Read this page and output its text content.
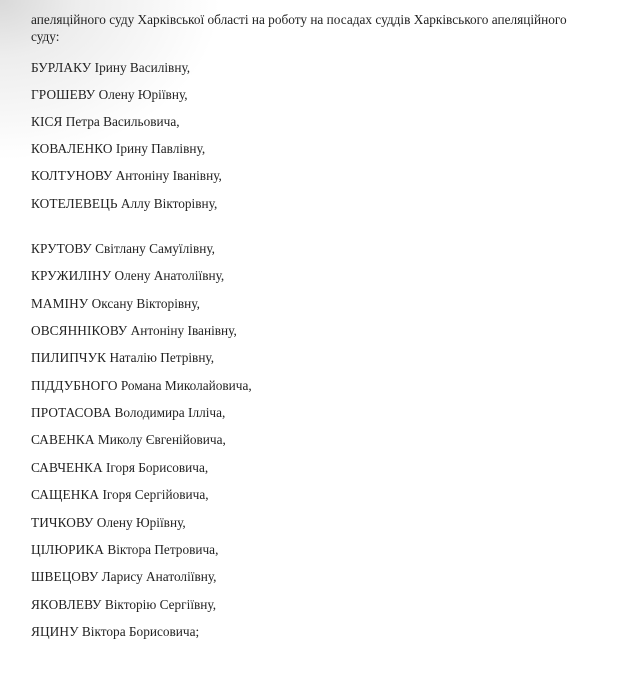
апеляційного суду Харківської області на роботу на посадах суддів Харківського апеляційного суду:
БУРЛАКУ Ірину Василівну,
ГРОШЕВУ Олену Юріївну,
КІСЯ Петра Васильовича,
КОВАЛЕНКО Ірину Павлівну,
КОЛТУНОВУ Антоніну Іванівну,
КОТЕЛЕВЕЦЬ Аллу Вікторівну,
КРУТОВУ Світлану Самуїлівну,
КРУЖИЛІНУ Олену Анатоліївну,
МАМІНУ Оксану Вікторівну,
ОВСЯННІКОВУ Антоніну Іванівну,
ПИЛИПЧУК Наталію Петрівну,
ПІДДУБНОГО Романа Миколайовича,
ПРОТАСОВА Володимира Ілліча,
САВЕНКА Миколу Євгенійовича,
САВЧЕНКА Ігоря Борисовича,
САЩЕНКА Ігоря Сергійовича,
ТИЧКОВУ Олену Юріївну,
ЦІЛЮРИКА Віктора Петровича,
ШВЕЦОВУ Ларису Анатоліївну,
ЯКОВЛЕВУ Вікторію Сергіївну,
ЯЦИНУ Віктора Борисовича;
